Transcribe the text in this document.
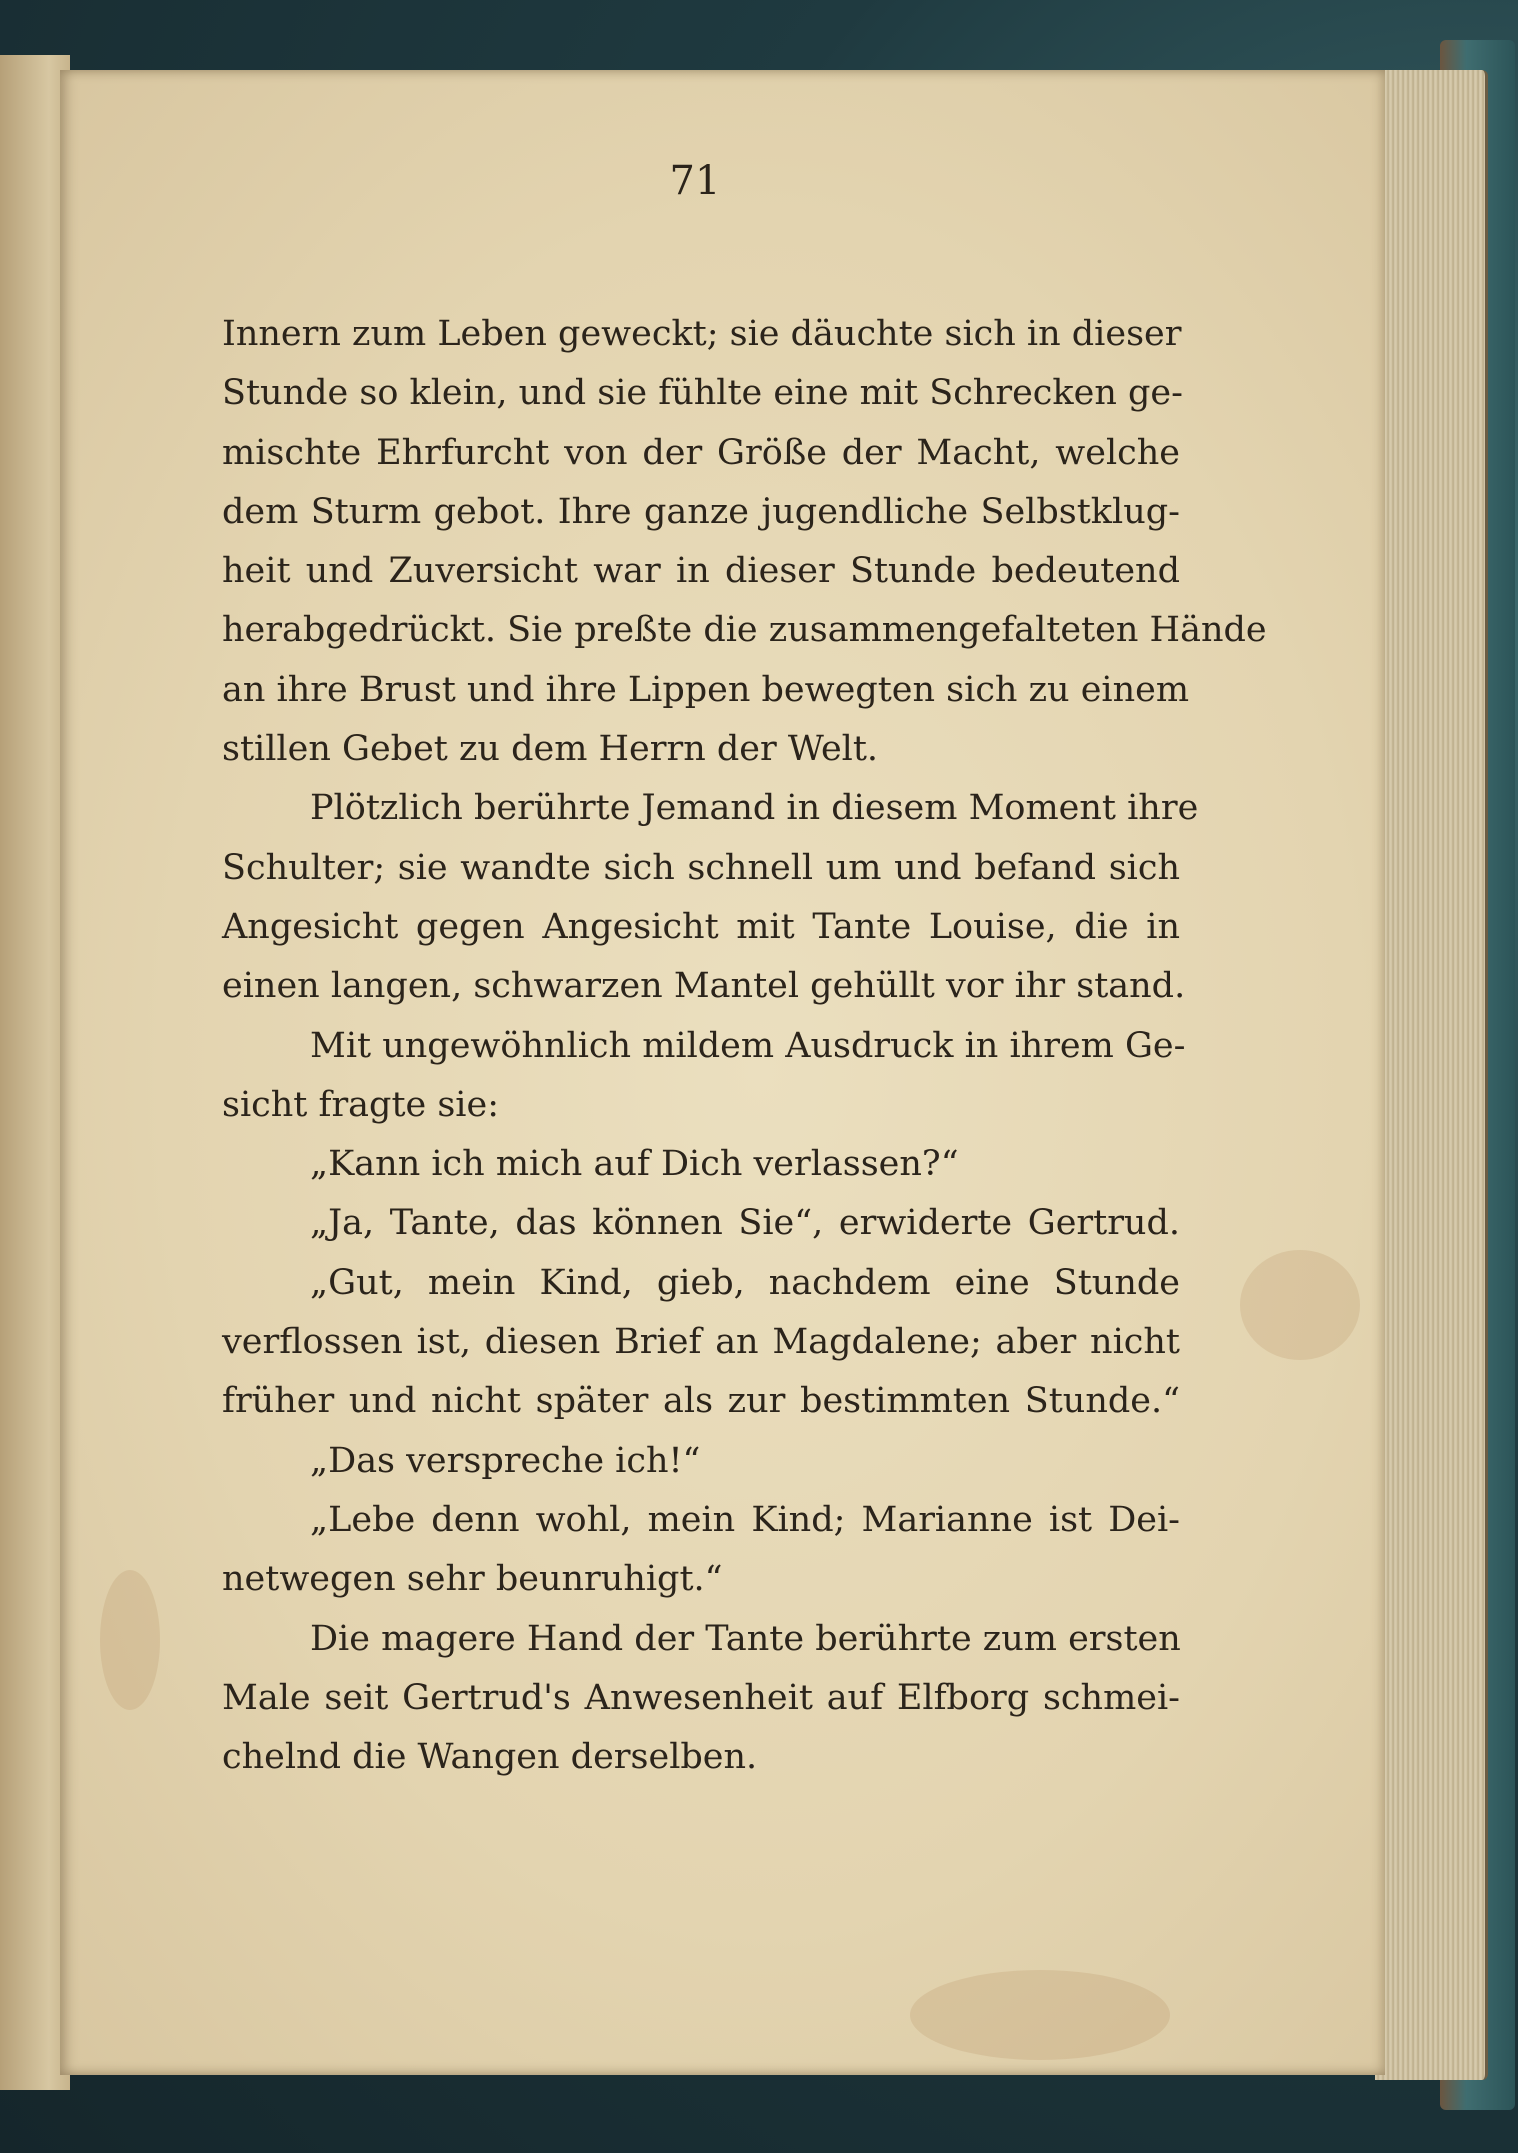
71
Innern zum Leben geweckt; sie däuchte sich in dieser
Stunde so klein, und sie fühlte eine mit Schrecken ge-
mischte Ehrfurcht von der Größe der Macht, welche
dem Sturm gebot. Ihre ganze jugendliche Selbstklug-
heit und Zuversicht war in dieser Stunde bedeutend
herabgedrückt. Sie preßte die zusammengefalteten Hände
an ihre Brust und ihre Lippen bewegten sich zu einem
stillen Gebet zu dem Herrn der Welt.
Plötzlich berührte Jemand in diesem Moment ihre
Schulter; sie wandte sich schnell um und befand sich
Angesicht gegen Angesicht mit Tante Louise, die in
einen langen, schwarzen Mantel gehüllt vor ihr stand.
Mit ungewöhnlich mildem Ausdruck in ihrem Ge-
sicht fragte sie:
„Kann ich mich auf Dich verlassen?“
„Ja, Tante, das können Sie“, erwiderte Gertrud.
„Gut, mein Kind, gieb, nachdem eine Stunde
verflossen ist, diesen Brief an Magdalene; aber nicht
früher und nicht später als zur bestimmten Stunde.“
„Das verspreche ich!“
„Lebe denn wohl, mein Kind; Marianne ist Dei-
netwegen sehr beunruhigt.“
Die magere Hand der Tante berührte zum ersten
Male seit Gertrud's Anwesenheit auf Elfborg schmei-
chelnd die Wangen derselben.
